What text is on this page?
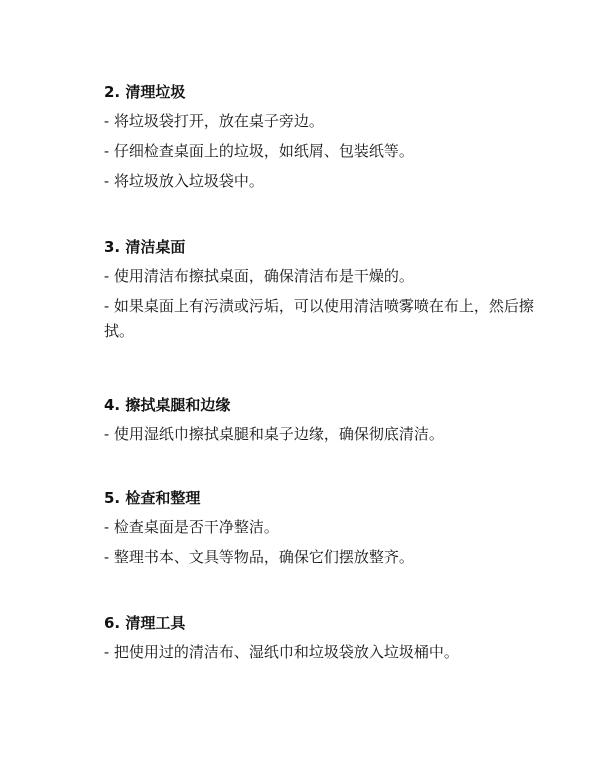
2. 清理垃圾
- 将垃圾袋打开，放在桌子旁边。
- 仔细检查桌面上的垃圾，如纸屑、包装纸等。
- 将垃圾放入垃圾袋中。
3. 清洁桌面
- 使用清洁布擦拭桌面，确保清洁布是干燥的。
- 如果桌面上有污渍或污垢，可以使用清洁喷雾喷在布上，然后擦拭。
4. 擦拭桌腿和边缘
- 使用湿纸巾擦拭桌腿和桌子边缘，确保彻底清洁。
5. 检查和整理
- 检查桌面是否干净整洁。
- 整理书本、文具等物品，确保它们摆放整齐。
6. 清理工具
- 把使用过的清洁布、湿纸巾和垃圾袋放入垃圾桶中。
